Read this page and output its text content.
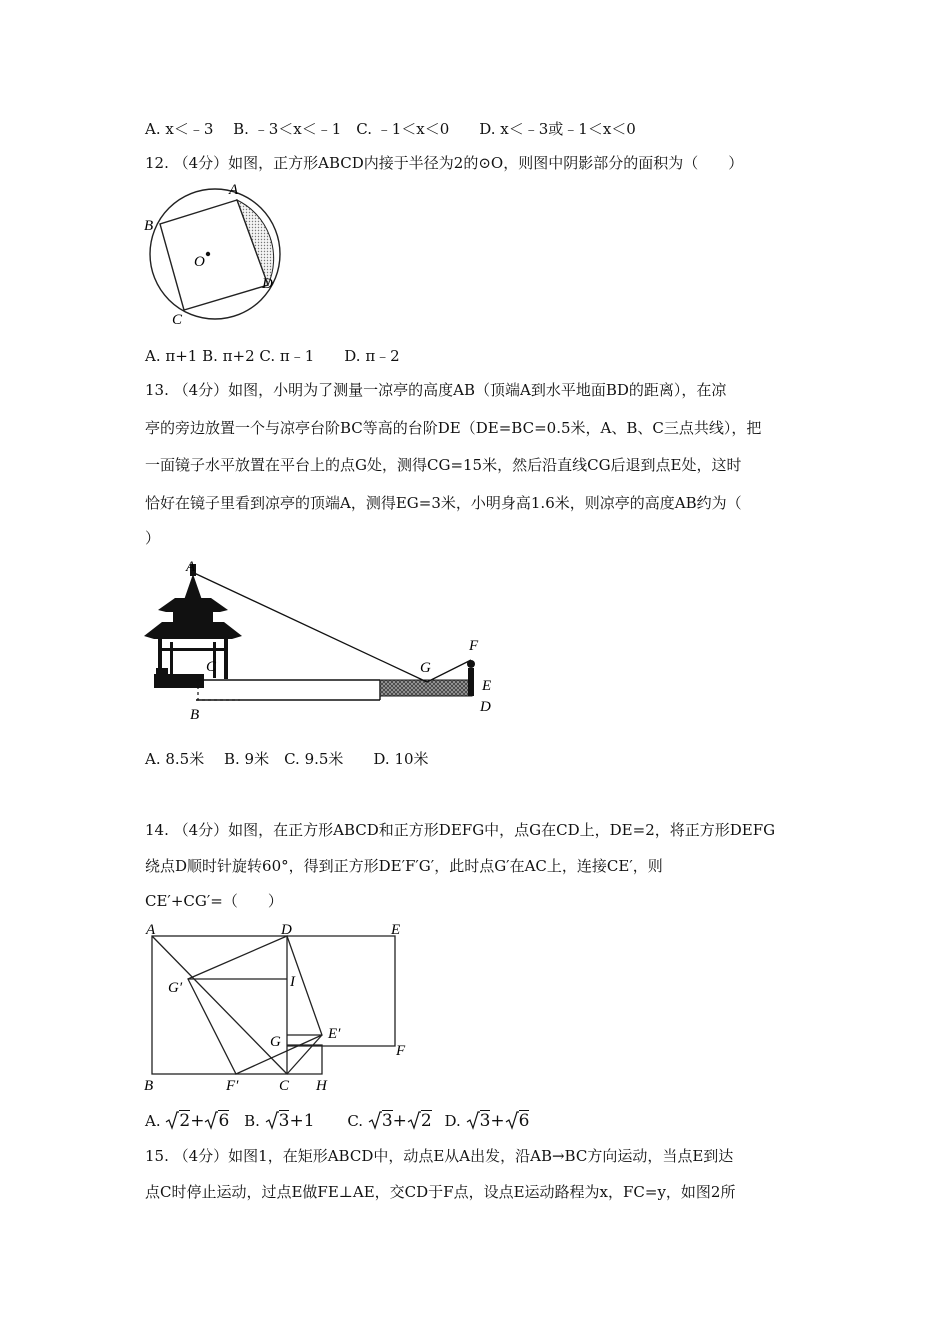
A. x＜﹣3　 B. ﹣3＜x＜﹣1　C. ﹣1＜x＜0　　D. x＜﹣3或﹣1＜x＜0
12. （4分）如图，正方形ABCD内接于半径为2的⊙O，则图中阴影部分的面积为（　　）
A
B
C
D
O
A. π+1 B. π+2 C. π﹣1　　D. π﹣2
13. （4分）如图，小明为了测量一凉亭的高度AB（顶端A到水平地面BD的距离），在凉
亭的旁边放置一个与凉亭台阶BC等高的台阶DE（DE=BC=0.5米，A、B、C三点共线），把
一面镜子水平放置在平台上的点G处，测得CG=15米，然后沿直线CG后退到点E处，这时
恰好在镜子里看到凉亭的顶端A，测得EG=3米，小明身高1.6米，则凉亭的高度AB约为（
）
A
B
C
D
E
F
G
A. 8.5米　 B. 9米　C. 9.5米　　D. 10米
14. （4分）如图，在正方形ABCD和正方形DEFG中，点G在CD上，DE=2，将正方形DEFG
绕点D顺时针旋转60°，得到正方形DE′F′G′，此时点G′在AC上，连接CE′，则
CE′+CG′=（　　）
A	D	E
B	C H
F
G
I
G′
F′
E′
A. 2+ 6 B. 3+1 C. 3+ 2 D. 3+ 6
15. （4分）如图1，在矩形ABCD中，动点E从A出发，沿AB→BC方向运动，当点E到达
点C时停止运动，过点E做FE⊥AE，交CD于F点，设点E运动路程为x，FC=y，如图2所
